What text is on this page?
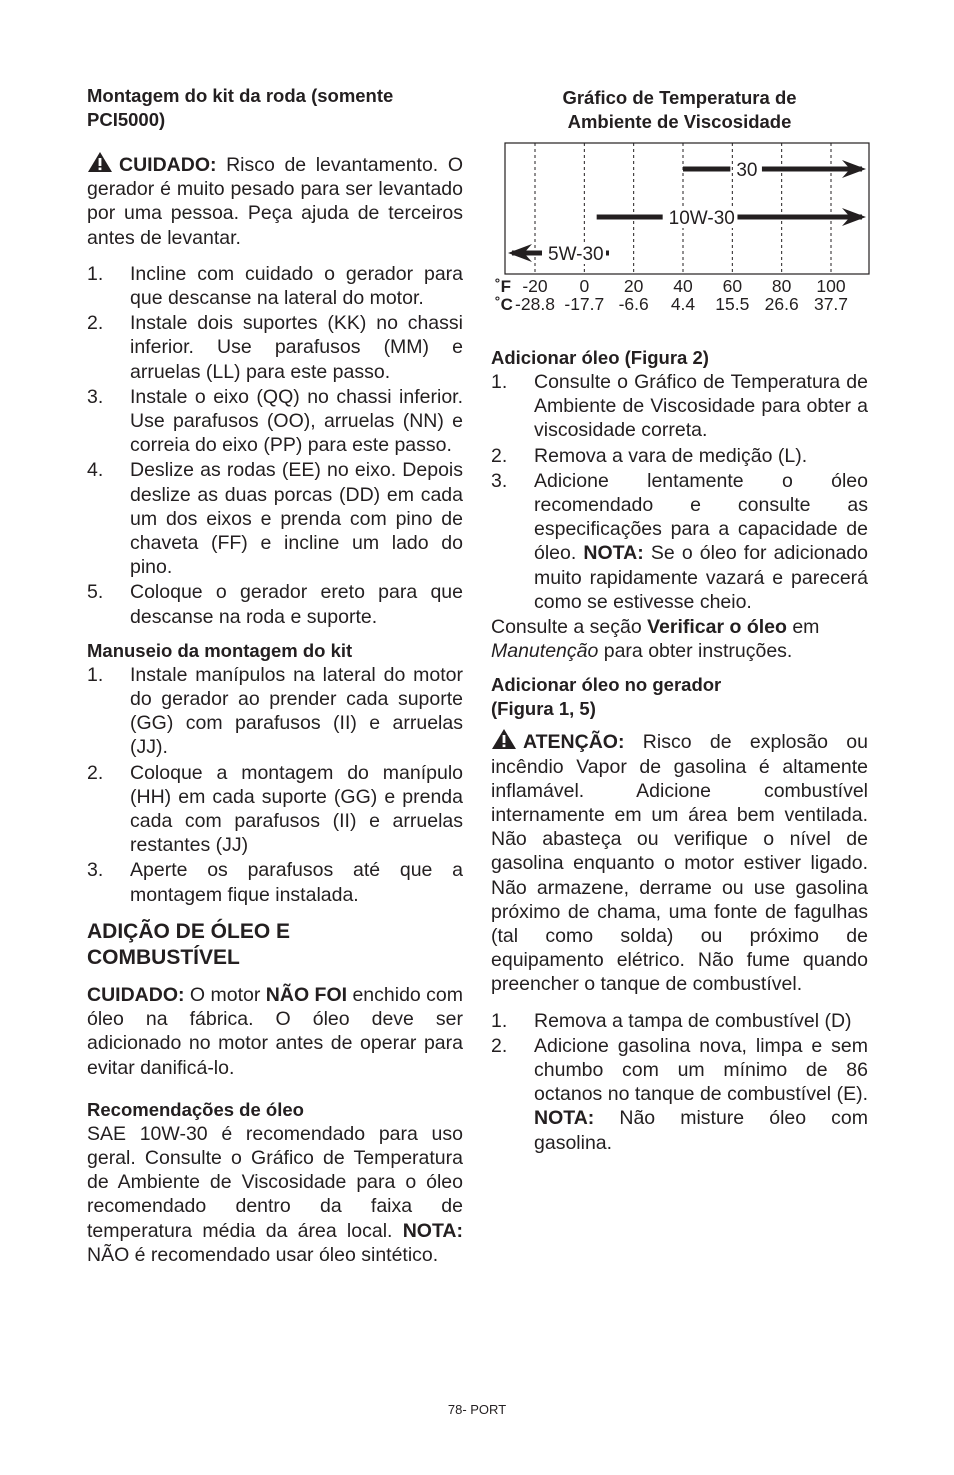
Montagem do kit da roda (somente PCI5000)

CUIDADO: Risco de levantamento. O gerador é muito pesado para ser levantado por uma pessoa. Peça ajuda de terceiros antes de levantar.

1. Incline com cuidado o gerador para que descanse na lateral do motor.
2. Instale dois suportes (KK) no chassi inferior. Use parafusos (MM) e arruelas (LL) para este passo.
3. Instale o eixo (QQ) no chassi inferior. Use parafusos (OO), arruelas (NN) e correia do eixo (PP) para este passo.
4. Deslize as rodas (EE) no eixo. Depois deslize as duas porcas (DD) em cada um dos eixos e prenda com pino de chaveta (FF) e incline um lado do pino.
5. Coloque o gerador ereto para que descanse na roda e suporte.
Manuseio da montagem do kit
1. Instale manípulos na lateral do motor do gerador ao prender cada suporte (GG) com parafusos (II) e arruelas (JJ).
2. Coloque a montagem do manípulo (HH) em cada suporte (GG) e prenda cada com parafusos (II) e arruelas restantes (JJ)
3. Aperte os parafusos até que a montagem fique instalada.
ADIÇÃO DE ÓLEO E
COMBUSTÍVEL

CUIDADO: O motor NÃO FOI enchido com óleo na fábrica. O óleo deve ser adicionado no motor antes de operar para evitar danificá-lo.

Recomendações de óleo

SAE 10W-30 é recomendado para uso geral. Consulte o Gráfico de Temperatura de Ambiente de Viscosidade para o óleo recomendado dentro da faixa de temperatura média da área local. NOTA: NÃO é recomendado usar óleo sintético.

Gráfico de Temperatura de
Ambiente de Viscosidade
30
10W-30
5W-30
˚F
˚C
-20
-28.8
0
-17.7
20
-6.6
40
4.4
60
15.5
80
26.6
100
37.7
Adicionar óleo (Figura 2)
1. Consulte o Gráfico de Temperatura de Ambiente de Viscosidade para obter a viscosidade correta.
2. Remova a vara de medição (L).
3. Adicione lentamente o óleo recomendado e consulte as especificações para a capacidade de óleo. NOTA: Se o óleo for adicionado muito rapidamente vazará e parecerá como se estivesse cheio.

Consulte a seção Verificar o óleo em Manutenção para obter instruções.

Adicionar óleo no gerador
(Figura 1, 5)

ATENÇÃO: Risco de explosão ou incêndio Vapor de gasolina é altamente inflamável. Adicione combustível internamente em um área bem ventilada. Não abasteça ou verifique o nível de gasolina enquanto o motor estiver ligado. Não armazene, derrame ou use gasolina próximo de chama, uma fonte de fagulhas (tal como solda) ou próximo de equipamento elétrico. Não fume quando preencher o tanque de combustível.

1. Remova a tampa de combustível (D)
2. Adicione gasolina nova, limpa e sem chumbo com um mínimo de 86 octanos no tanque de combustível (E). NOTA: Não misture óleo com gasolina.
78- PORT
